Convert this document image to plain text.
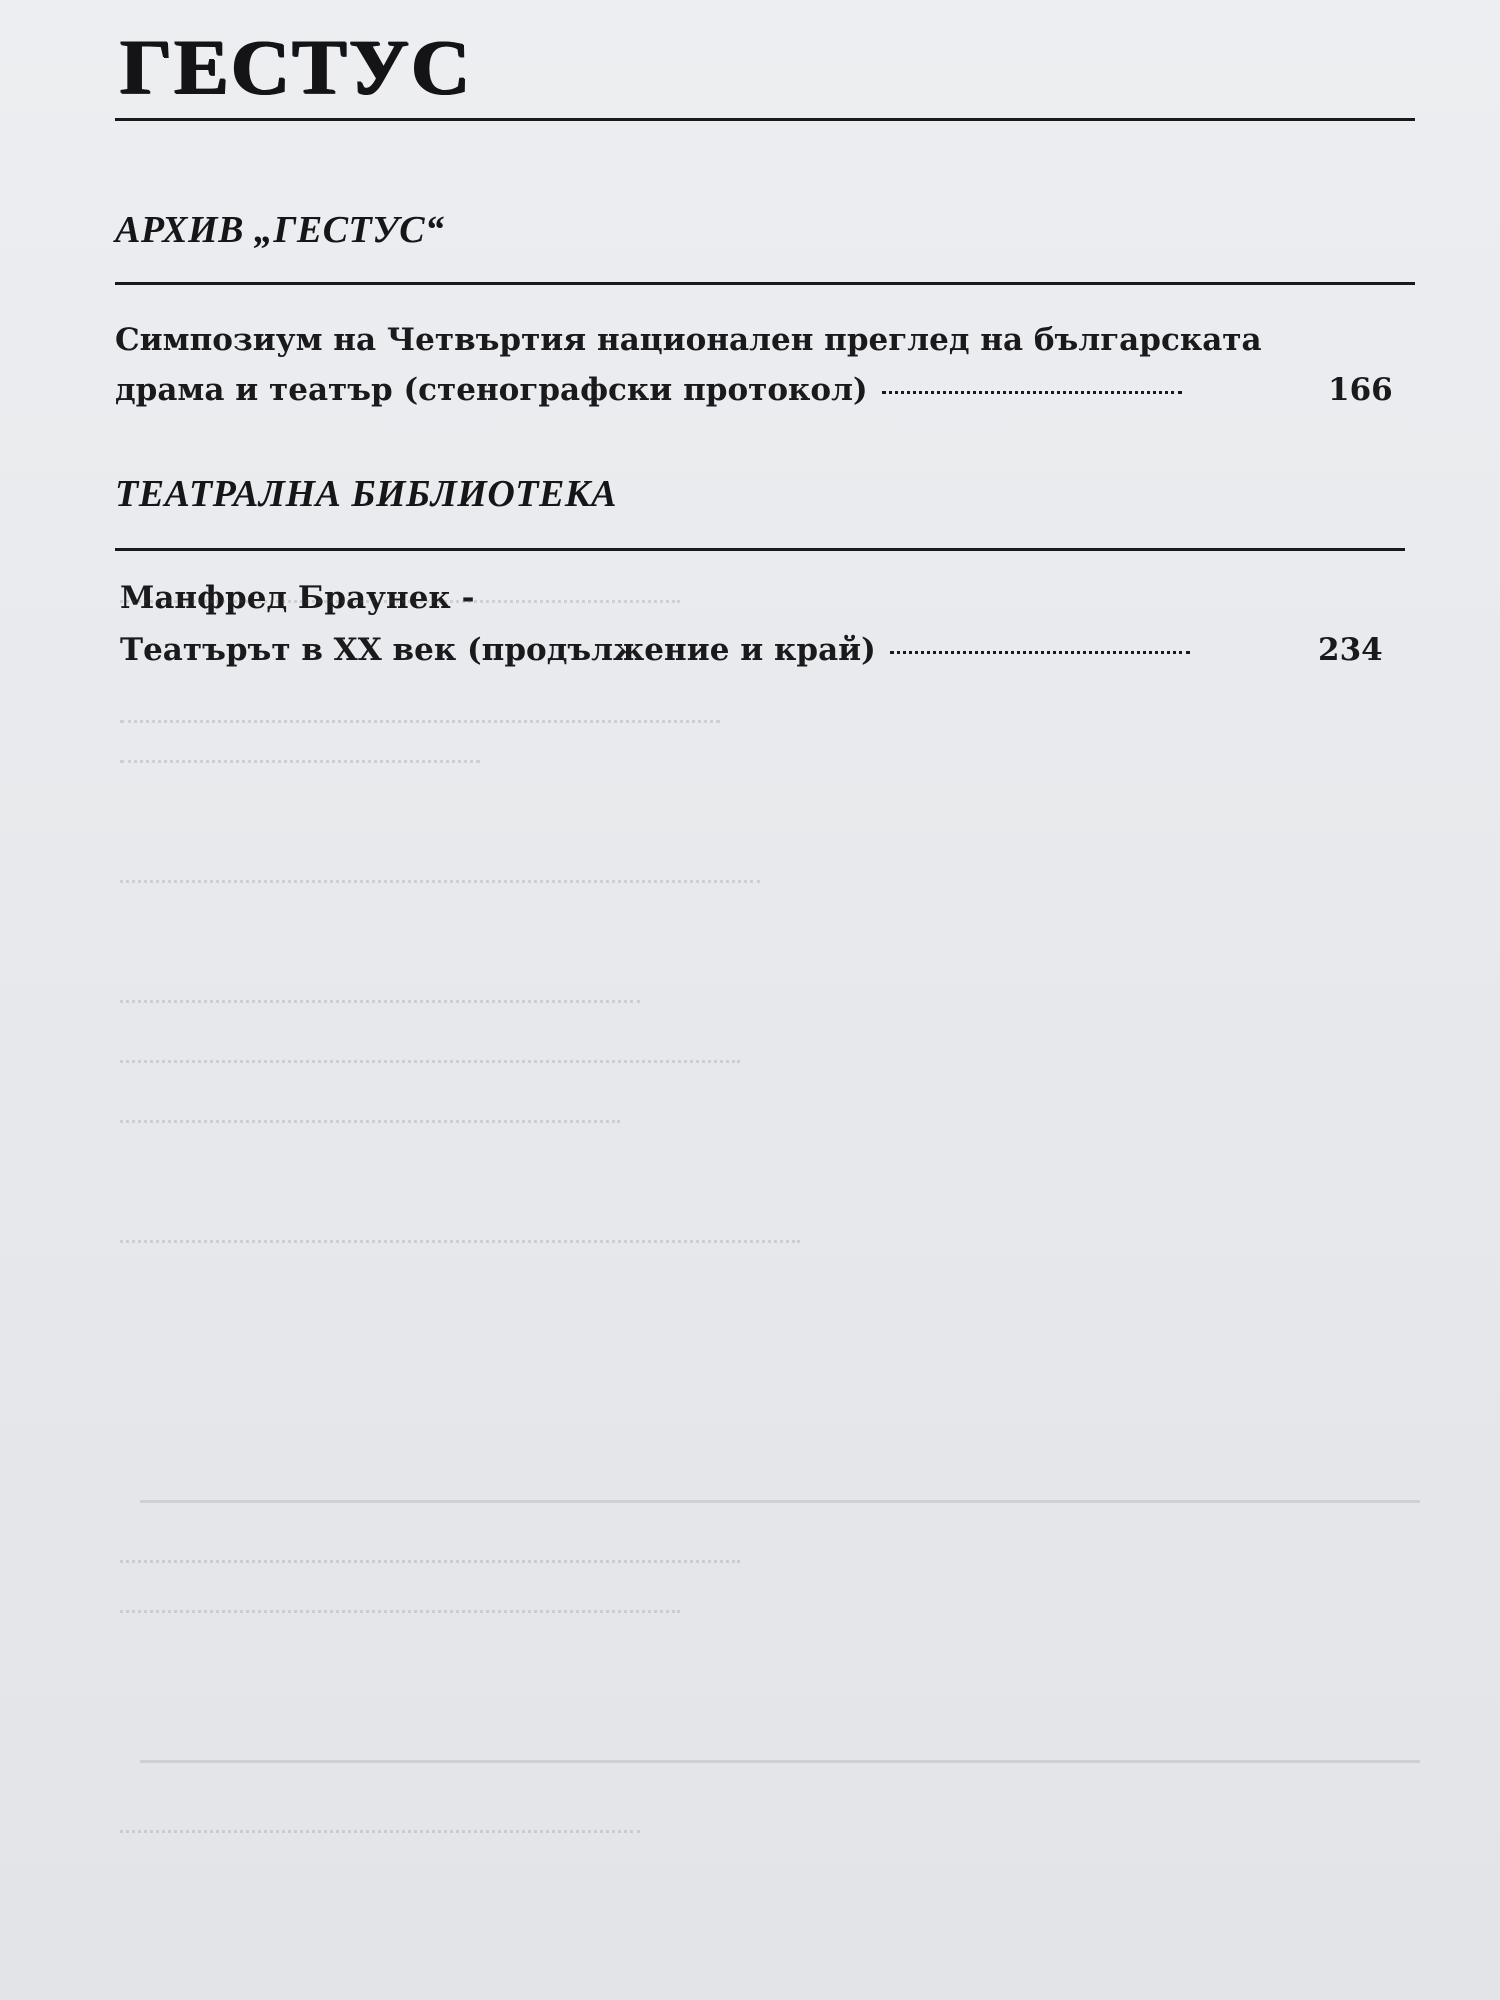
ГЕСТУС
АРХИВ „ГЕСТУС“
Симпозиум на Четвъртия национален преглед на българската
драма и театър (стенографски протокол)	166
ТЕАТРАЛНА БИБЛИОТЕКА
Манфред Браунек -
Театърът в XX век (продължение и край)	234
